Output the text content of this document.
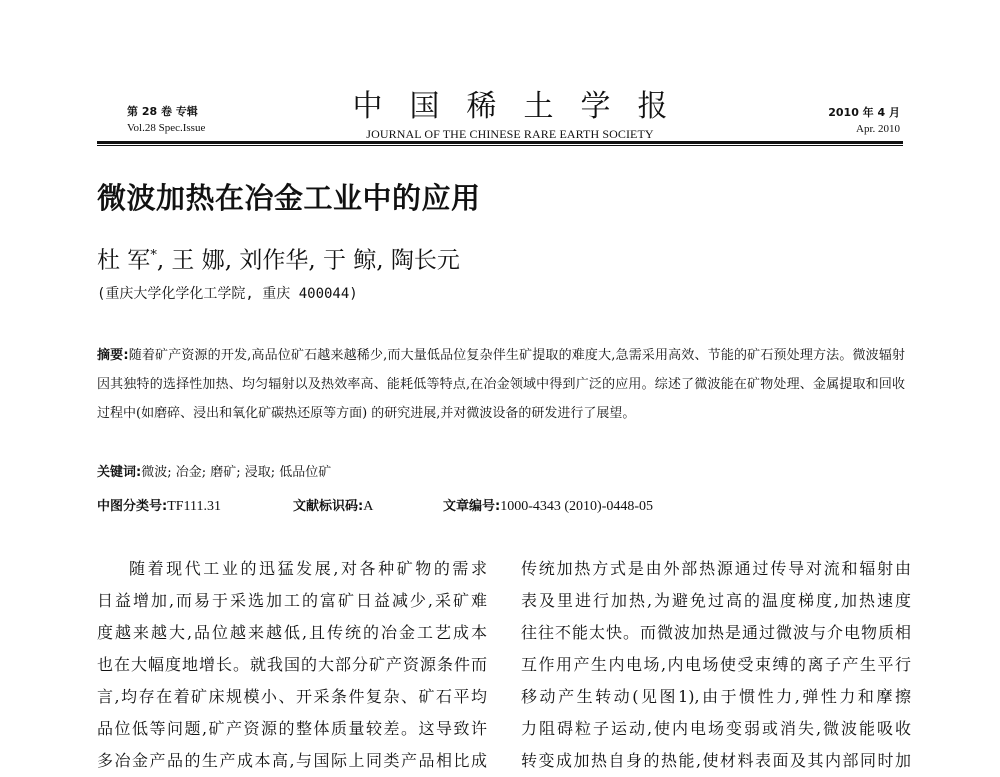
第 28 卷 专辑
Vol.28 Spec.Issue
中国稀土学报
JOURNAL OF THE CHINESE RARE EARTH SOCIETY
2010 年 4 月
Apr. 2010
微波加热在冶金工业中的应用
杜 军*, 王 娜, 刘作华, 于 鲸, 陶长元
(重庆大学化学化工学院, 重庆 400044)
摘要:随着矿产资源的开发,高品位矿石越来越稀少,而大量低品位复杂伴生矿提取的难度大,急需采用高效、节能的矿石预处理方法。微波辐射因其独特的选择性加热、均匀辐射以及热效率高、能耗低等特点,在冶金领域中得到广泛的应用。综述了微波能在矿物处理、金属提取和回收过程中(如磨碎、浸出和氧化矿碳热还原等方面) 的研究进展,并对微波设备的研发进行了展望。
关键词:微波; 冶金; 磨矿; 浸取; 低品位矿
中图分类号:TF111.31	文献标识码:A	文章编号:1000-4343 (2010)-0448-05
随着现代工业的迅猛发展,对各种矿物的需求
日益增加,而易于采选加工的富矿日益减少,采矿难
度越来越大,品位越来越低,且传统的冶金工艺成本
也在大幅度地增长。就我国的大部分矿产资源条件而
言,均存在着矿床规模小、开采条件复杂、矿石平均
品位低等问题,矿产资源的整体质量较差。这导致许
多冶金产品的生产成本高,与国际上同类产品相比成
传统加热方式是由外部热源通过传导对流和辐射由
表及里进行加热,为避免过高的温度梯度,加热速度
往往不能太快。而微波加热是通过微波与介电物质相
互作用产生内电场,内电场使受束缚的离子产生平行
移动产生转动(见图1),由于惯性力,弹性力和摩擦
力阻碍粒子运动,使内电场变弱或消失,微波能吸收
转变成加热自身的热能,使材料表面及其内部同时加
